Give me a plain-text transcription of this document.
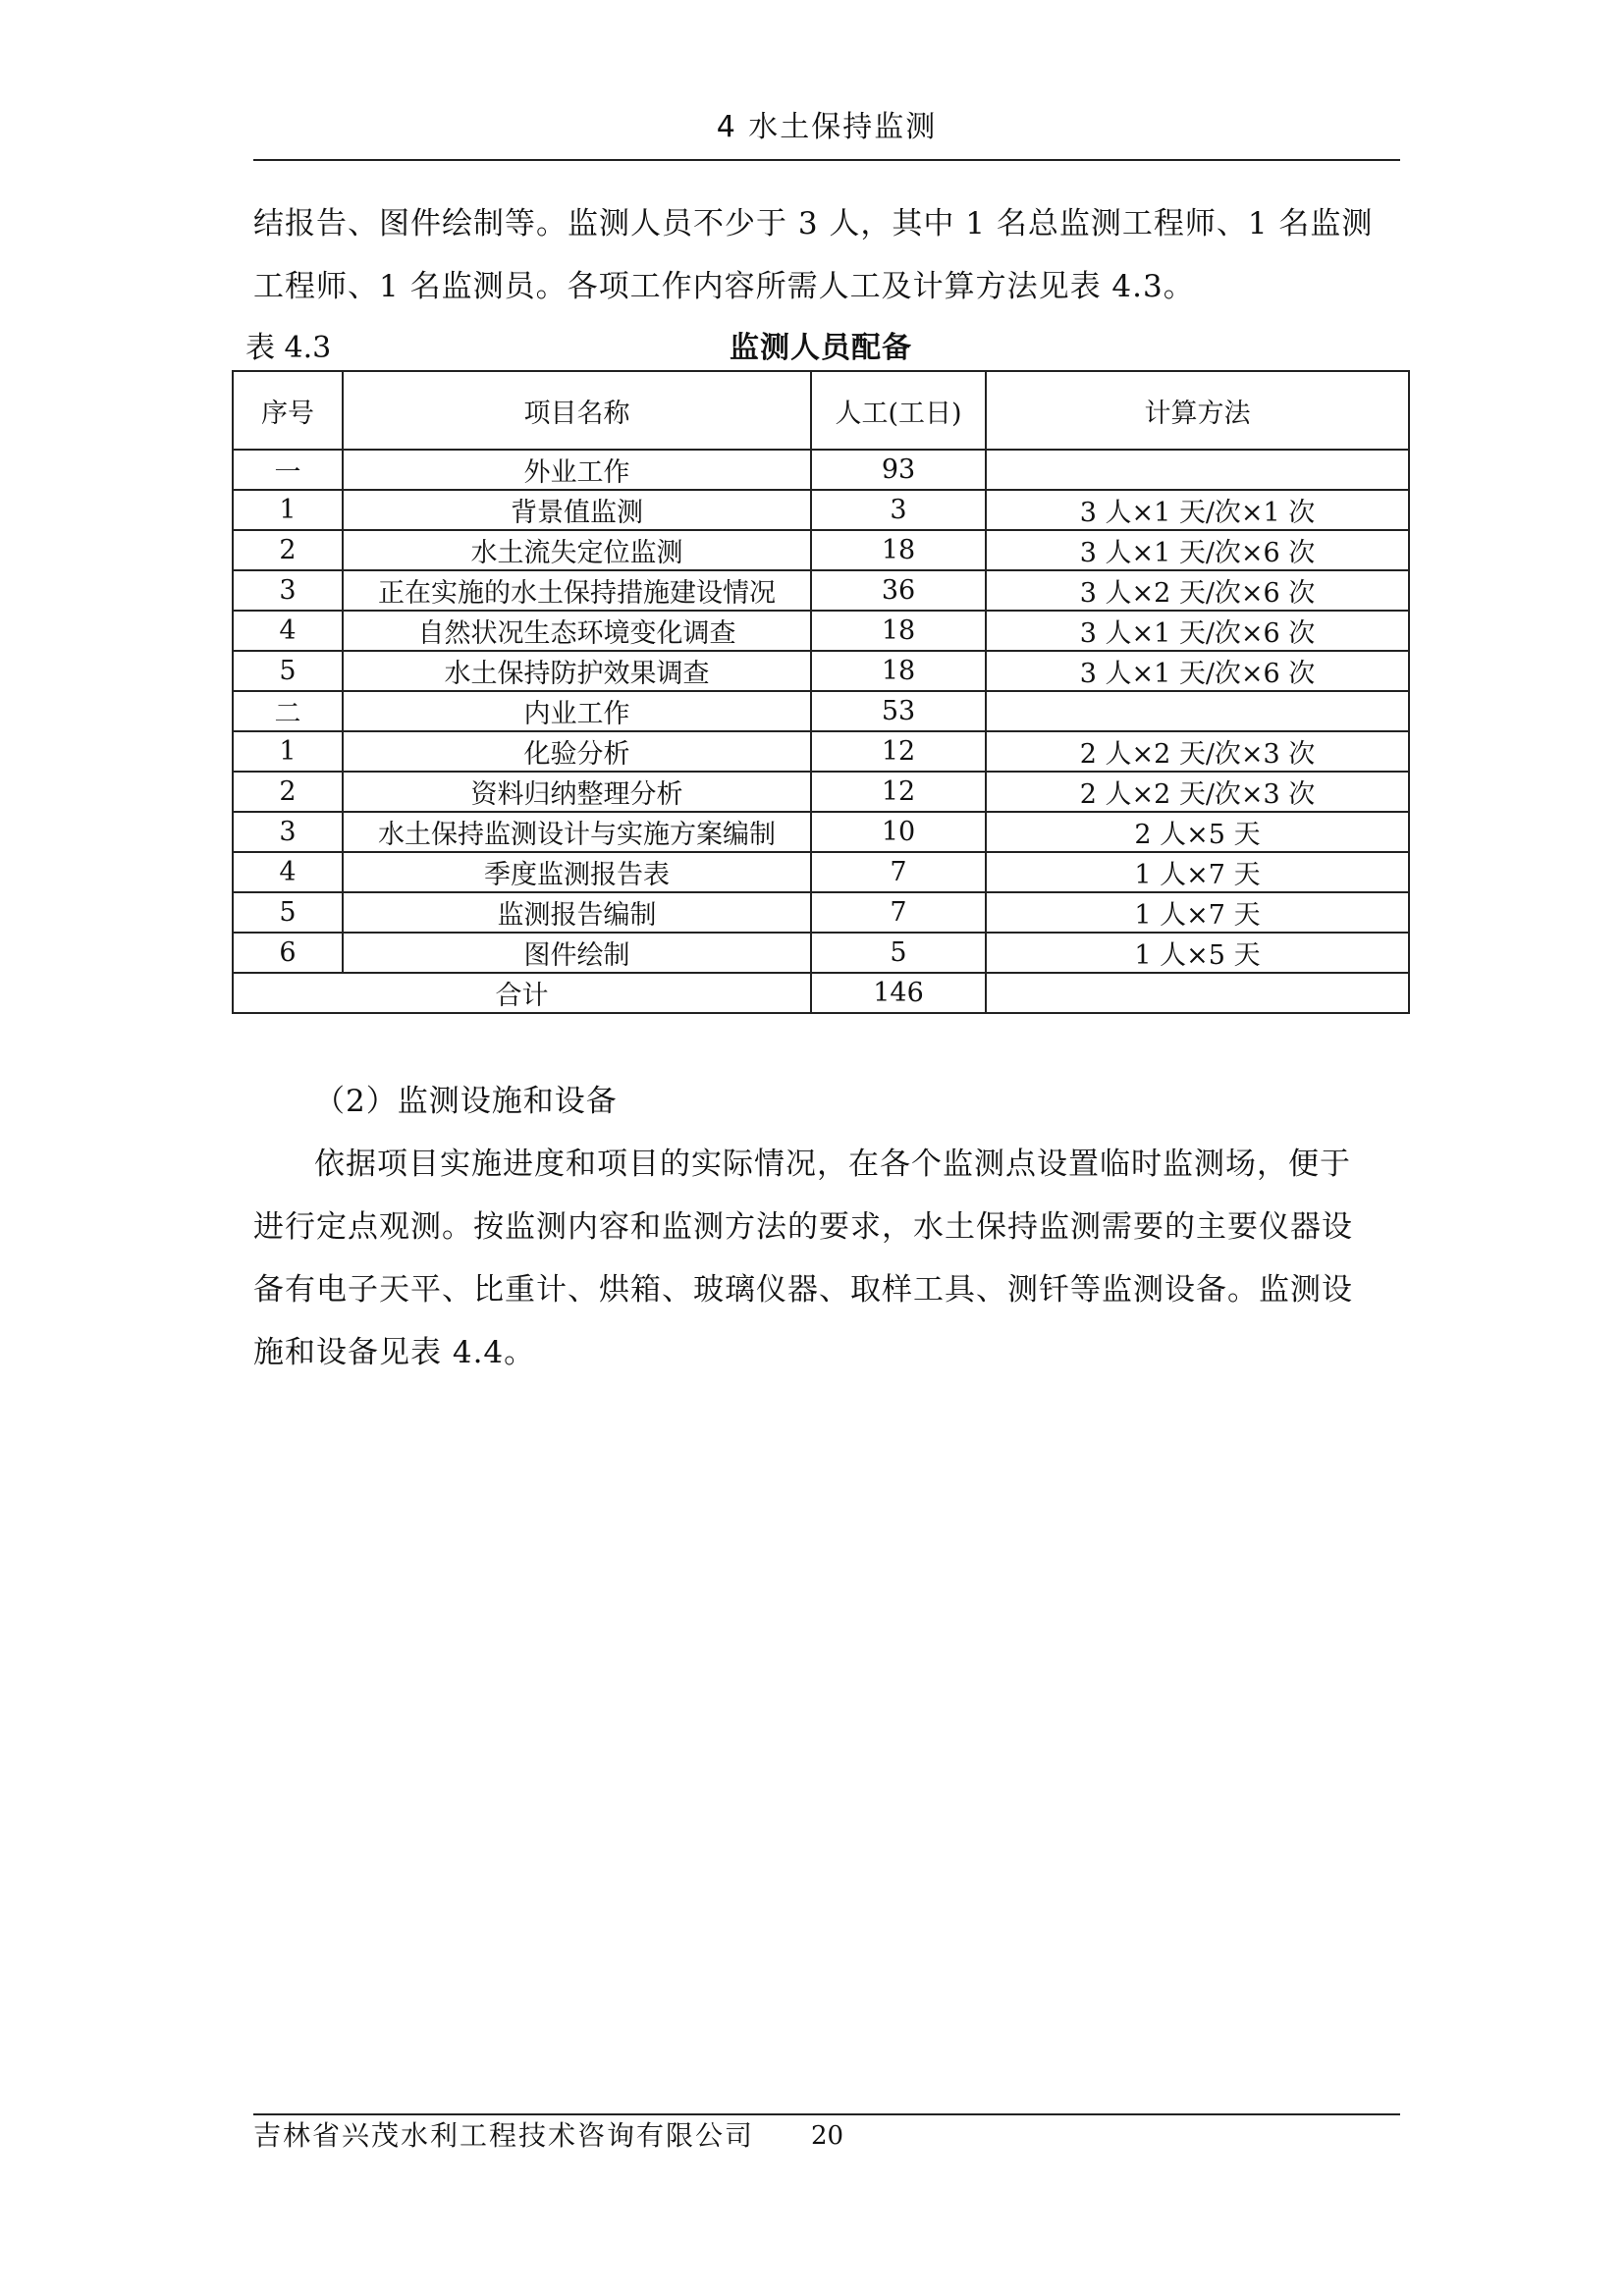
4 水土保持监测

结报告、图件绘制等。监测人员不少于 3 人，其中 1 名总监测工程师、1 名监测

工程师、1 名监测员。各项工作内容所需人工及计算方法见表 4.3。

表 4.3	监测人员配备
序号	项目名称	人工(工日)	计算方法
一	外业工作	93	
1	背景值监测	3	3 人×1 天/次×1 次
2	水土流失定位监测	18	3 人×1 天/次×6 次
3	正在实施的水土保持措施建设情况	36	3 人×2 天/次×6 次
4	自然状况生态环境变化调查	18	3 人×1 天/次×6 次
5	水土保持防护效果调查	18	3 人×1 天/次×6 次
二	内业工作	53	
1	化验分析	12	2 人×2 天/次×3 次
2	资料归纳整理分析	12	2 人×2 天/次×3 次
3	水土保持监测设计与实施方案编制	10	2 人×5 天
4	季度监测报告表	7	1 人×7 天
5	监测报告编制	7	1 人×7 天
6	图件绘制	5	1 人×5 天
合计		146	

（2）监测设施和设备

依据项目实施进度和项目的实际情况，在各个监测点设置临时监测场，便于

进行定点观测。按监测内容和监测方法的要求，水土保持监测需要的主要仪器设

备有电子天平、比重计、烘箱、玻璃仪器、取样工具、测钎等监测设备。监测设

施和设备见表 4.4。

吉林省兴茂水利工程技术咨询有限公司 20
